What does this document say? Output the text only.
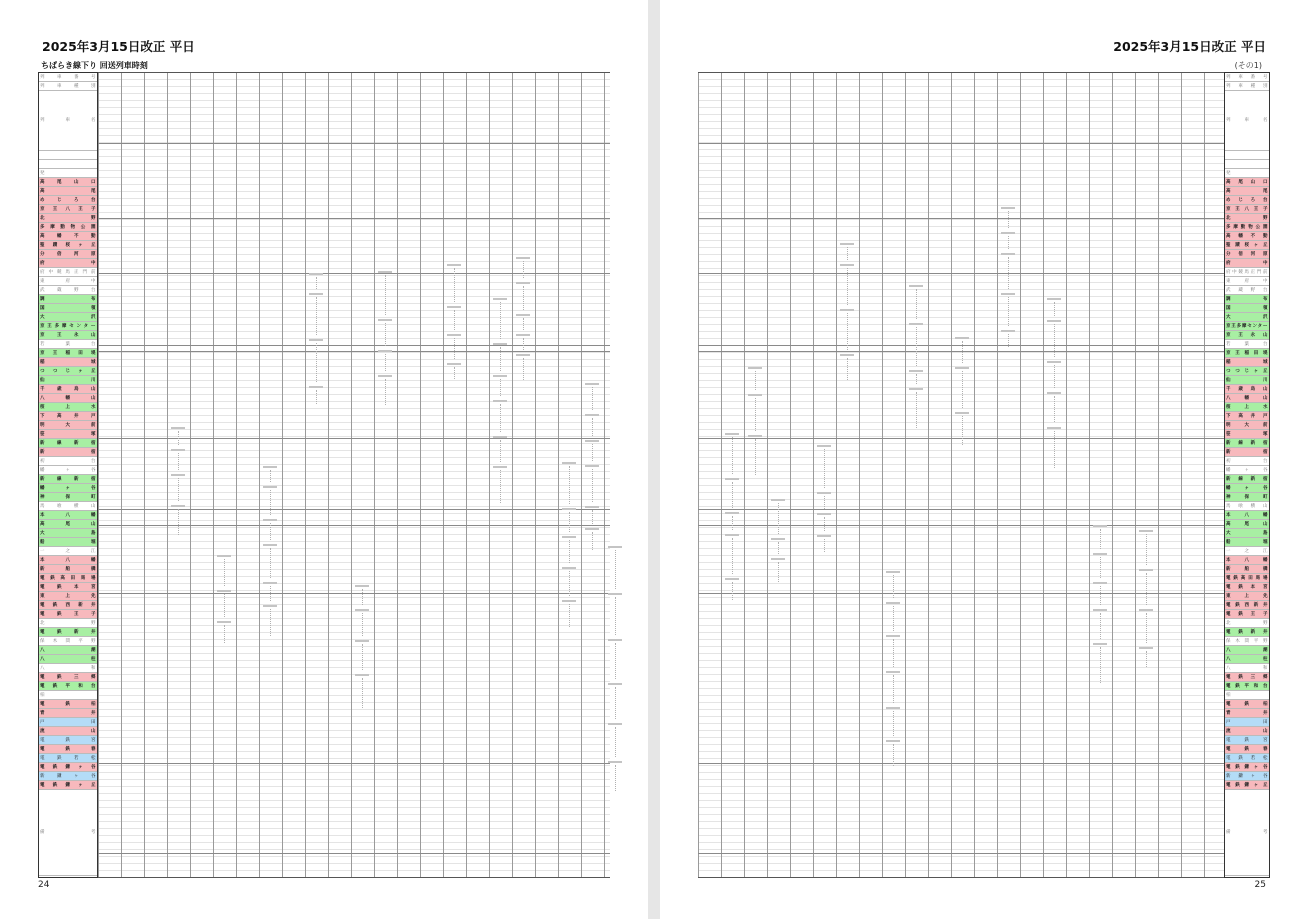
2025年3月15日改正 平日
ちばらき線下り 回送列車時刻
列車番号
列車種別
列車名
発
高尾山口
高尾
めじろ台
京王八王子
北野
多摩動物公園
高幡不動
聖蹟桜ヶ丘
分倍河原
府中
府中競馬正門前
東府中
武蔵野台
調布
国領
大沢
京王多摩センター
京王永山
若葉台
京王稲田堤
稲城
つつじヶ丘
仙川
千歳烏山
八幡山
桜上水
下高井戸
明大前
笹塚
新線新宿
新宿
初台
幡ヶ谷
新線新宿
幡ヶ谷
神保町
馬喰横山
本八幡
高尾山
大島
船堀
一之江
本八幡
新船橋
電鉄高田馬場
電鉄本宮
東上先
電鉄西新井
電鉄王子
北野
電鉄新井
保木間平野
八潮
八柱
八和
電鉄三郷
電鉄平和台
柏
電鉄柏
青井
戸田
流山
電鉄宮
電鉄春
電鉄若松
電鉄鎌ヶ谷
新鎌ヶ谷
電鉄鎌ヶ丘
備考
24
2025年3月15日改正 平日
(その1)
列車番号
列車種別
列車名
発
高尾山口
高尾
めじろ台
京王八王子
北野
多摩動物公園
高幡不動
聖蹟桜ヶ丘
分倍河原
府中
府中競馬正門前
東府中
武蔵野台
調布
国領
大沢
京王多摩センター
京王永山
若葉台
京王稲田堤
稲城
つつじヶ丘
仙川
千歳烏山
八幡山
桜上水
下高井戸
明大前
笹塚
新線新宿
新宿
初台
幡ヶ谷
新線新宿
幡ヶ谷
神保町
馬喰横山
本八幡
高尾山
大島
船堀
一之江
本八幡
新船橋
電鉄高田馬場
電鉄本宮
東上先
電鉄西新井
電鉄王子
北野
電鉄新井
保木間平野
八潮
八柱
八和
電鉄三郷
電鉄平和台
柏
電鉄柏
青井
戸田
流山
電鉄宮
電鉄春
電鉄若松
電鉄鎌ヶ谷
新鎌ヶ谷
電鉄鎌ヶ丘
備考
25
